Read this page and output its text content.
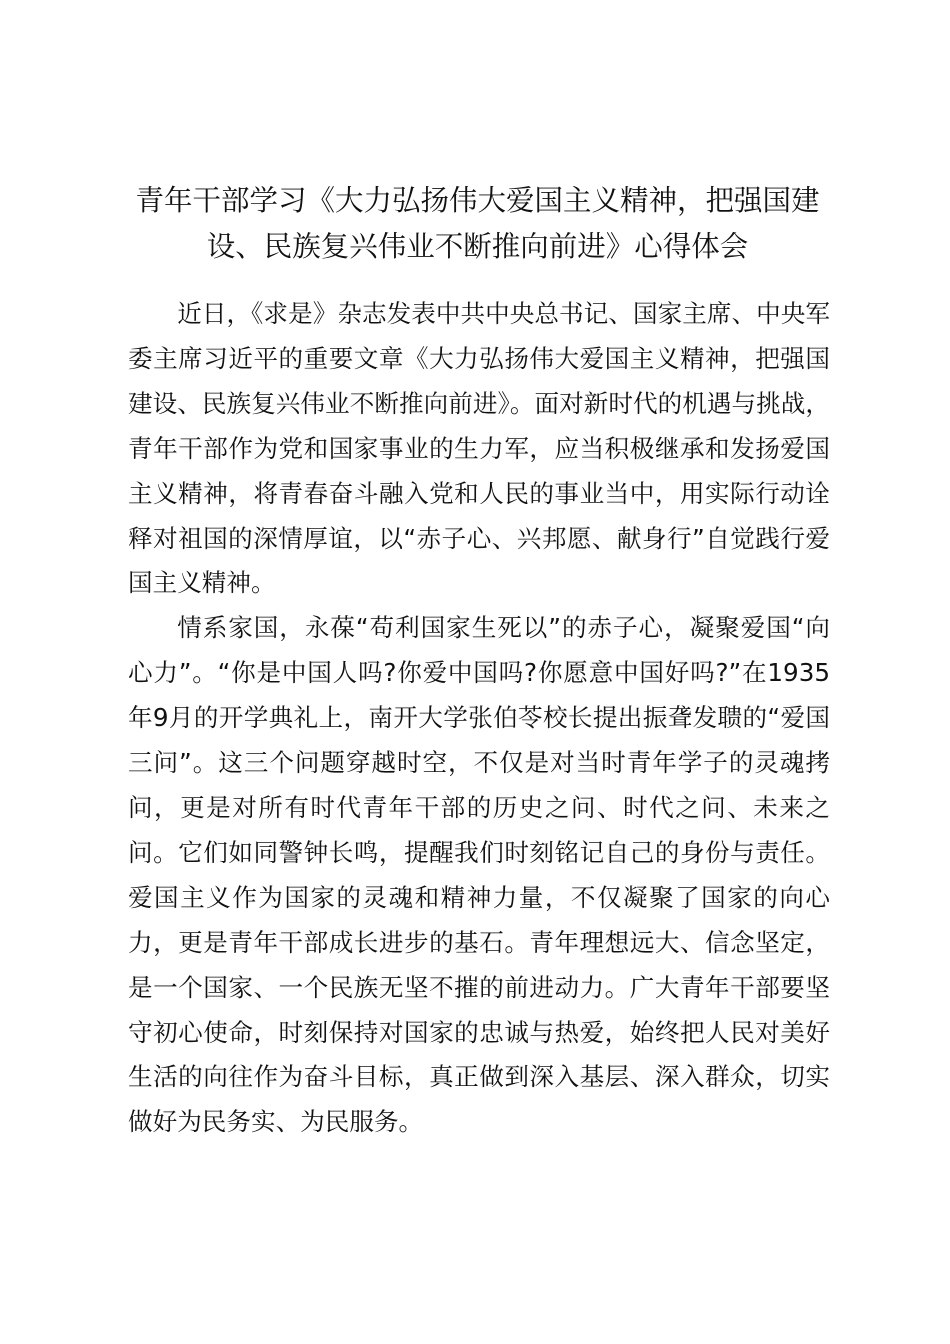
青年干部学习《大力弘扬伟大爱国主义精神，把强国建设、民族复兴伟业不断推向前进》心得体会

近日，《求是》杂志发表中共中央总书记、国家主席、中央军委主席习近平的重要文章《大力弘扬伟大爱国主义精神，把强国建设、民族复兴伟业不断推向前进》。面对新时代的机遇与挑战，青年干部作为党和国家事业的生力军，应当积极继承和发扬爱国主义精神，将青春奋斗融入党和人民的事业当中，用实际行动诠释对祖国的深情厚谊，以“赤子心、兴邦愿、献身行”自觉践行爱国主义精神。

情系家国，永葆“苟利国家生死以”的赤子心，凝聚爱国“向心力”。“你是中国人吗?你爱中国吗?你愿意中国好吗?”在1935年9月的开学典礼上，南开大学张伯苓校长提出振聋发聩的“爱国三问”。这三个问题穿越时空，不仅是对当时青年学子的灵魂拷问，更是对所有时代青年干部的历史之问、时代之问、未来之问。它们如同警钟长鸣，提醒我们时刻铭记自己的身份与责任。爱国主义作为国家的灵魂和精神力量，不仅凝聚了国家的向心力，更是青年干部成长进步的基石。青年理想远大、信念坚定，是一个国家、一个民族无坚不摧的前进动力。广大青年干部要坚守初心使命，时刻保持对国家的忠诚与热爱，始终把人民对美好生活的向往作为奋斗目标，真正做到深入基层、深入群众，切实做好为民务实、为民服务。
